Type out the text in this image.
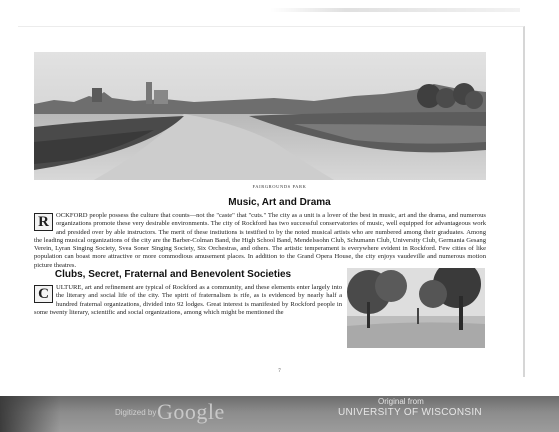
FAIRGROUNDS PARK
Music, Art and Drama

R	OCKFORD people possess the culture that counts—not the "caste" that "cuts." The city as a unit is a lover of the best in music, art and the drama, and numerous organizations promote these very desirable environments. The city of Rockford has two successful conservatories of music, well equipped for advantageous work and presided over by able instructors. The merit of these instiutions is testified to by the noted musical artists who are numbered among their graduates. Among the leading musical organizations of the city are the Barber-Colman Band, the High School Band, Mendelssohn Club, Schumann Club, University Club, Germania Gesang Verein, Lyran Singing Society, Svea Soner Singing Society, Six Orchestras, and others. The artistic temperament is everywhere evident in Rockford. Few cities of like population can boast more attractive or more commodious amusement places. In addition to the Grand Opera House, the city enjoys vaudeville and numerous motion picture theatres.

Clubs, Secret, Fraternal and Benevolent Societies

C	ULTURE, art and refinement are typical of Rockford as a community, and these elements enter largely into the literary and social life of the city. The spirit of fraternalism is rife, as is evidenced by nearly half a hundred fraternal organizations, divided into 92 lodges. Great interest is manifested by Rockford people in some twenty literary, scientific and social organizations, among which might be mentioned the

7
Digitized by Google	Original from
UNIVERSITY OF WISCONSIN
